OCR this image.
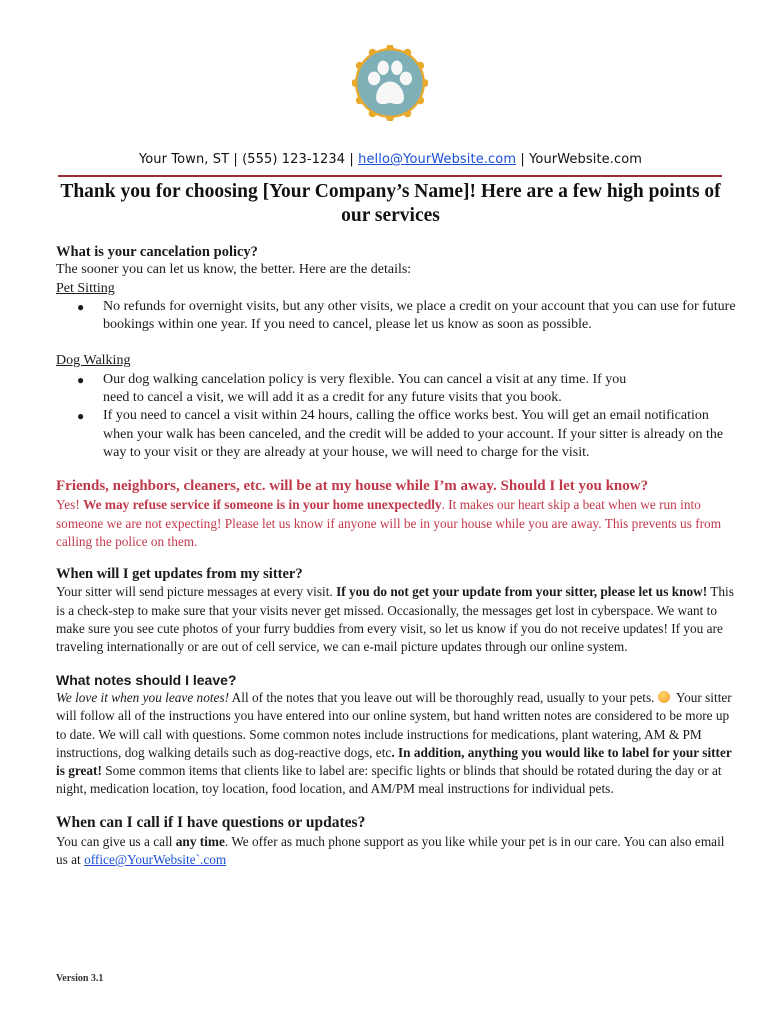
Your Town, ST | (555) 123-1234 | hello@YourWebsite.com | YourWebsite.com
Thank you for choosing [Your Company’s Name]! Here are a few high points of our services

What is your cancelation policy?

The sooner you can let us know, the better. Here are the details:

Pet Sitting

● No refunds for overnight visits, but any other visits, we place a credit on your account that you can use for future bookings within one year. If you need to cancel, please let us know as soon as possible.

Dog Walking

● Our dog walking cancelation policy is very flexible. You can cancel a visit at any time. If you need to cancel a visit, we will add it as a credit for any future visits that you book.
● If you need to cancel a visit within 24 hours, calling the office works best. You will get an email notification when your walk has been canceled, and the credit will be added to your account. If your sitter is already on the way to your visit or they are already at your house, we will need to charge for the visit.

Friends, neighbors, cleaners, etc. will be at my house while I’m away. Should I let you know?

Yes! We may refuse service if someone is in your home unexpectedly. It makes our heart skip a beat when we run into someone we are not expecting! Please let us know if anyone will be in your house while you are away. This prevents us from calling the police on them.

When will I get updates from my sitter?

Your sitter will send picture messages at every visit. If you do not get your update from your sitter, please let us know! This is a check-step to make sure that your visits never get missed. Occasionally, the messages get lost in cyberspace. We want to make sure you see cute photos of your furry buddies from every visit, so let us know if you do not receive updates! If you are traveling internationally or are out of cell service, we can e-mail picture updates through our online system.

What notes should I leave?

We love it when you leave notes! All of the notes that you leave out will be thoroughly read, usually to your pets. Your sitter will follow all of the instructions you have entered into our online system, but hand written notes are considered to be more up to date. We will call with questions. Some common notes include instructions for medications, plant watering, AM & PM instructions, dog walking details such as dog-reactive dogs, etc. In addition, anything you would like to label for your sitter is great! Some common items that clients like to label are: specific lights or blinds that should be rotated during the day or at night, medication location, toy location, food location, and AM/PM meal instructions for individual pets.

When can I call if I have questions or updates?

You can give us a call any time. We offer as much phone support as you like while your pet is in our care. You can also email us at office@YourWebsite`.com

Version 3.1
